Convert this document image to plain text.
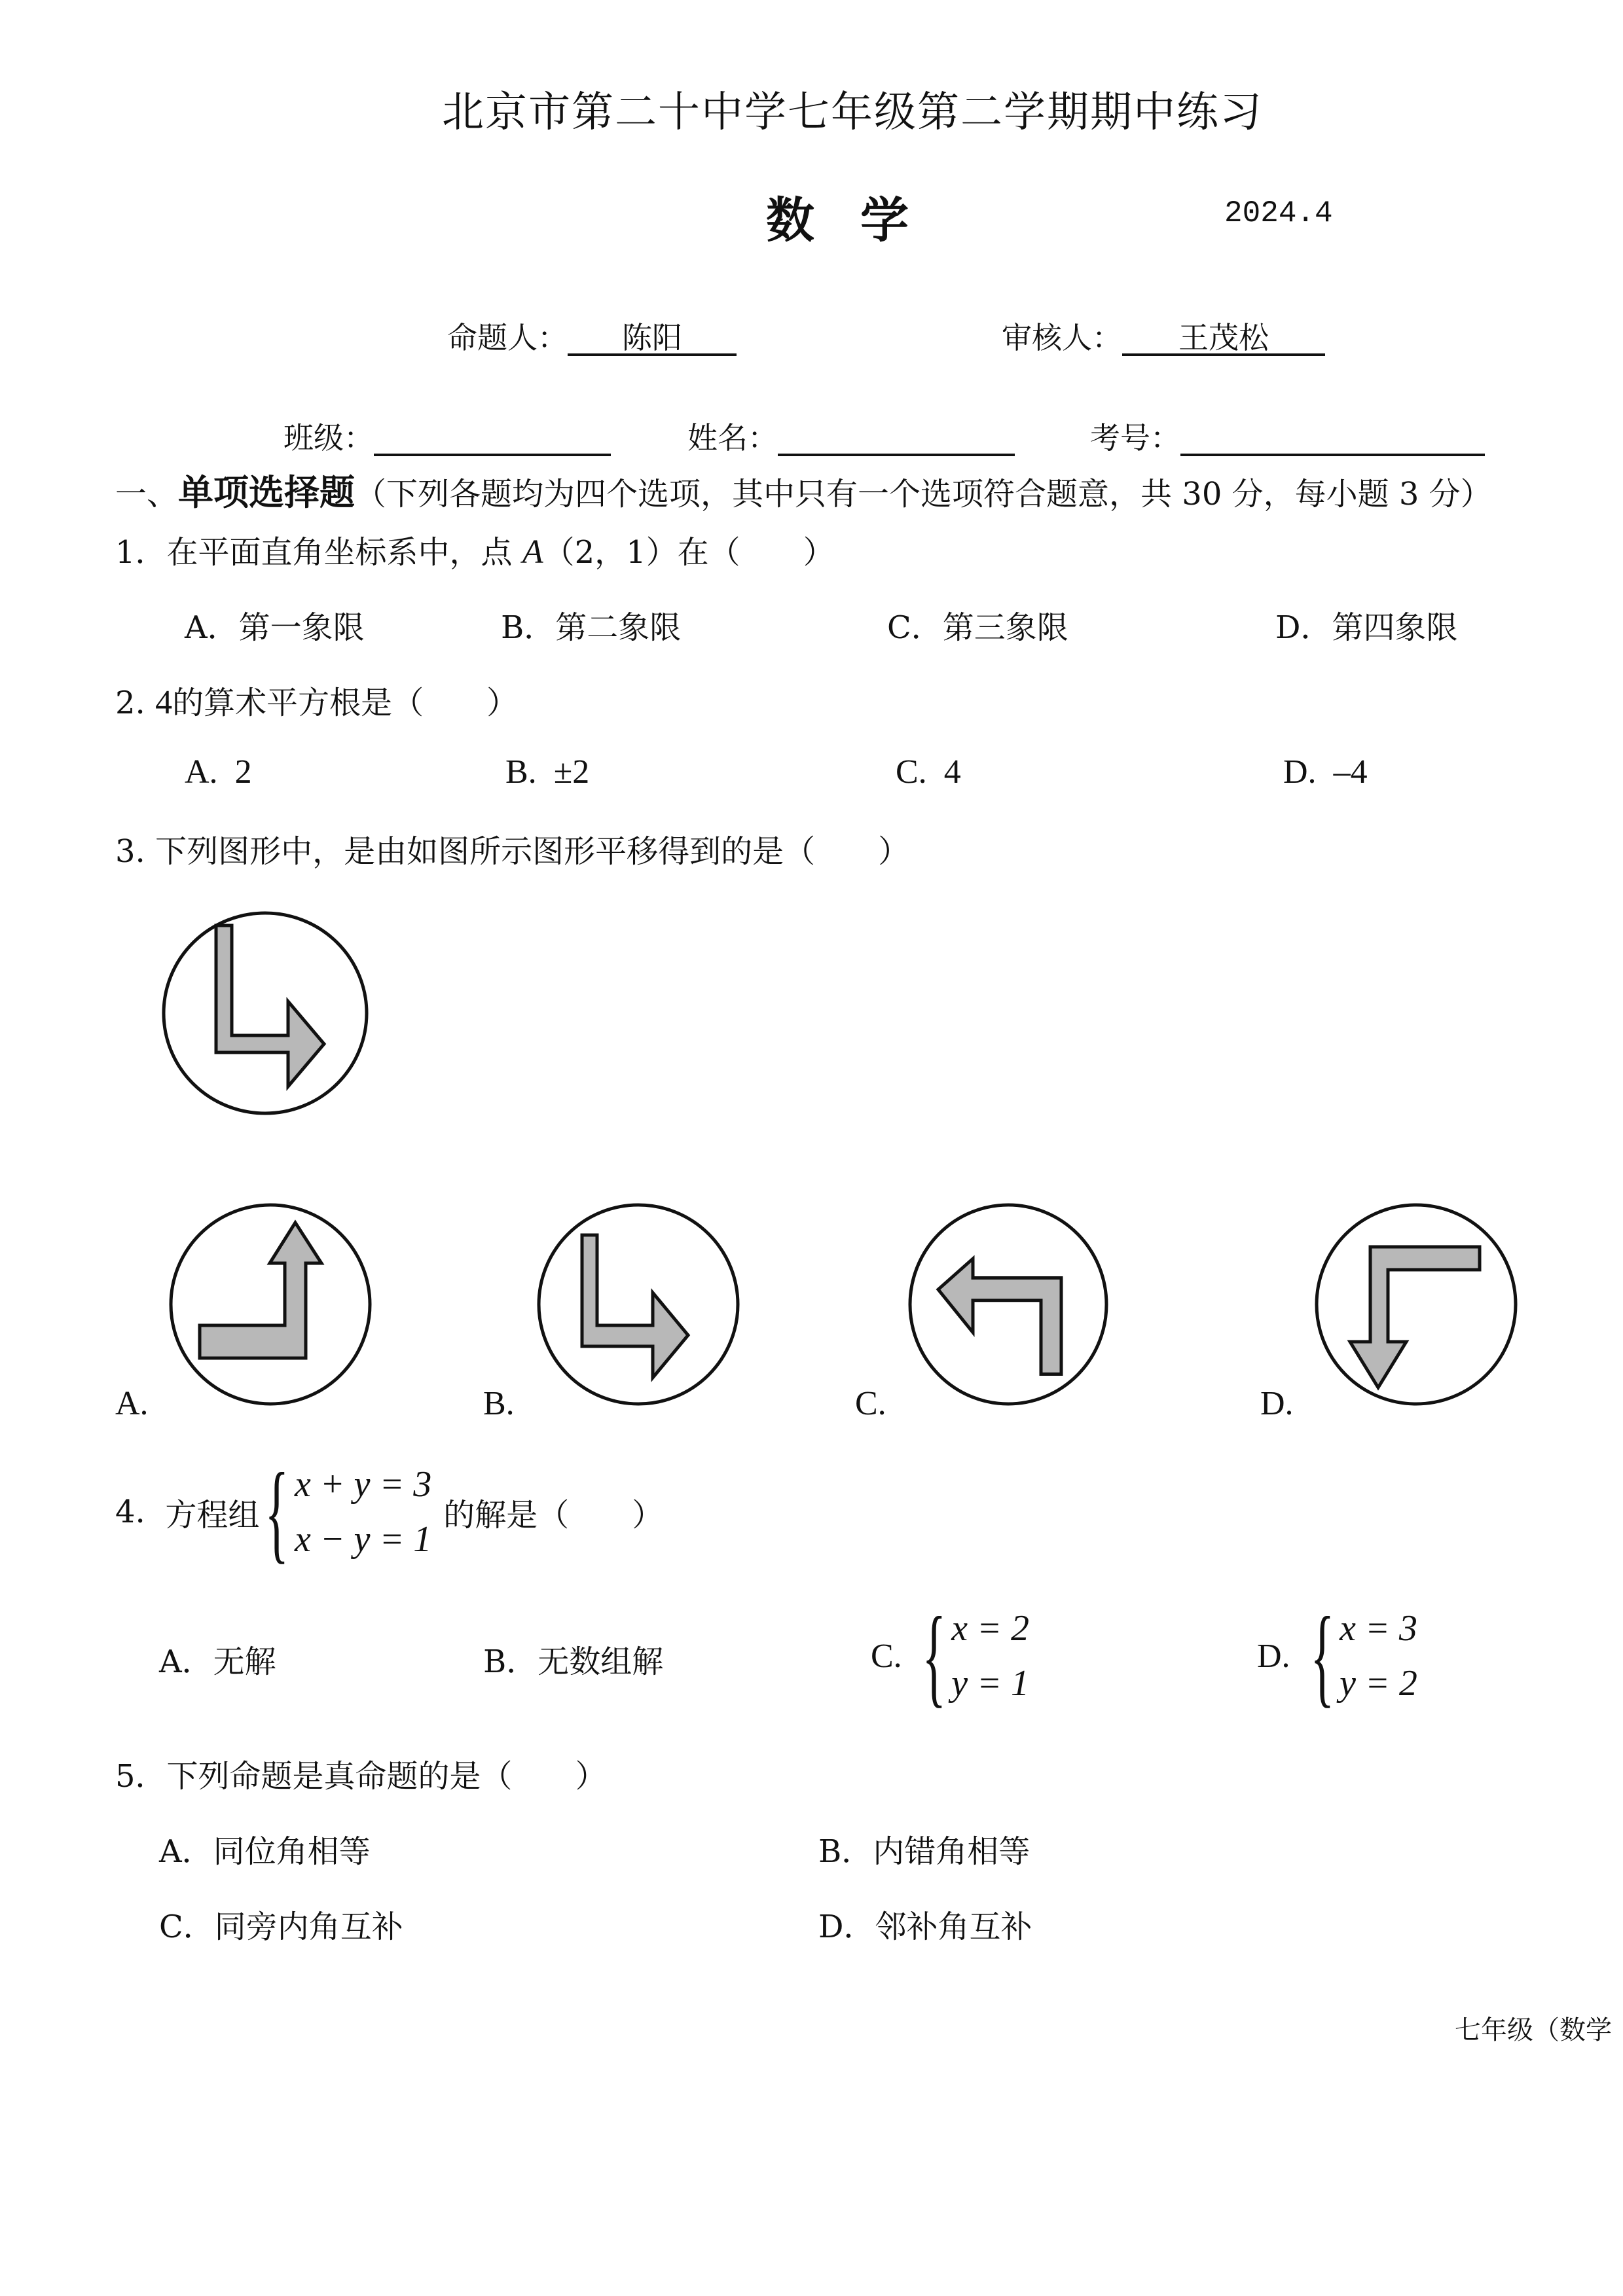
北京市第二十中学七年级第二学期期中练习
数学	2024.4
命题人： 陈阳	审核人： 王茂松
班级：	姓名：	考号：
一、单项选择题（下列各题均为四个选项，其中只有一个选项符合题意，共 30 分，每小题 3 分）
1．在平面直角坐标系中，点 A（2，1）在（　　）
A．第一象限	B．第二象限	C．第三象限	D．第四象限
2. 4的算术平方根是（　　）
A. 2	B. ±2	C. 4	D. –4
3. 下列图形中，是由如图所示图形平移得到的是（　　）
A.	B.	C.	D.
4.
方程组 { x + y = 3
x − y = 1
的解是（　　）
A．无解	B．无数组解	C. { x = 2
y = 1
D. { x = 3
y = 2
5．下列命题是真命题的是（　　）
A．同位角相等	B．内错角相等
C．同旁内角互补	D．邻补角互补
七年级（数学
